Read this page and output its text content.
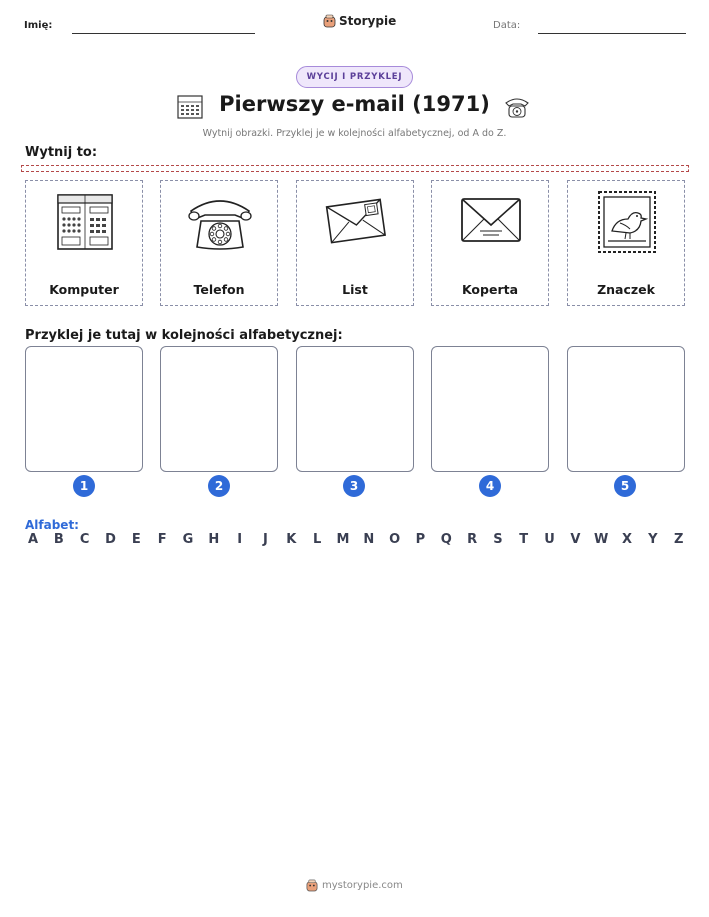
Imię:	Storypie	Data:
WYCIJ I PRZYKLEJ
Pierwszy e-mail (1971)
Wytnij obrazki. Przyklej je w kolejności alfabetycznej, od A do Z.
Wytnij to:
Komputer	Telefon	List	Koperta	Znaczek
Przyklej je tutaj w kolejności alfabetycznej:
1	2	3	4	5
Alfabet:
A	B	C	D	E	F	G H	I	J	K	L	M N O	P	Q	R	S	T	U	V	W	X	Y	Z
mystorypie.com
